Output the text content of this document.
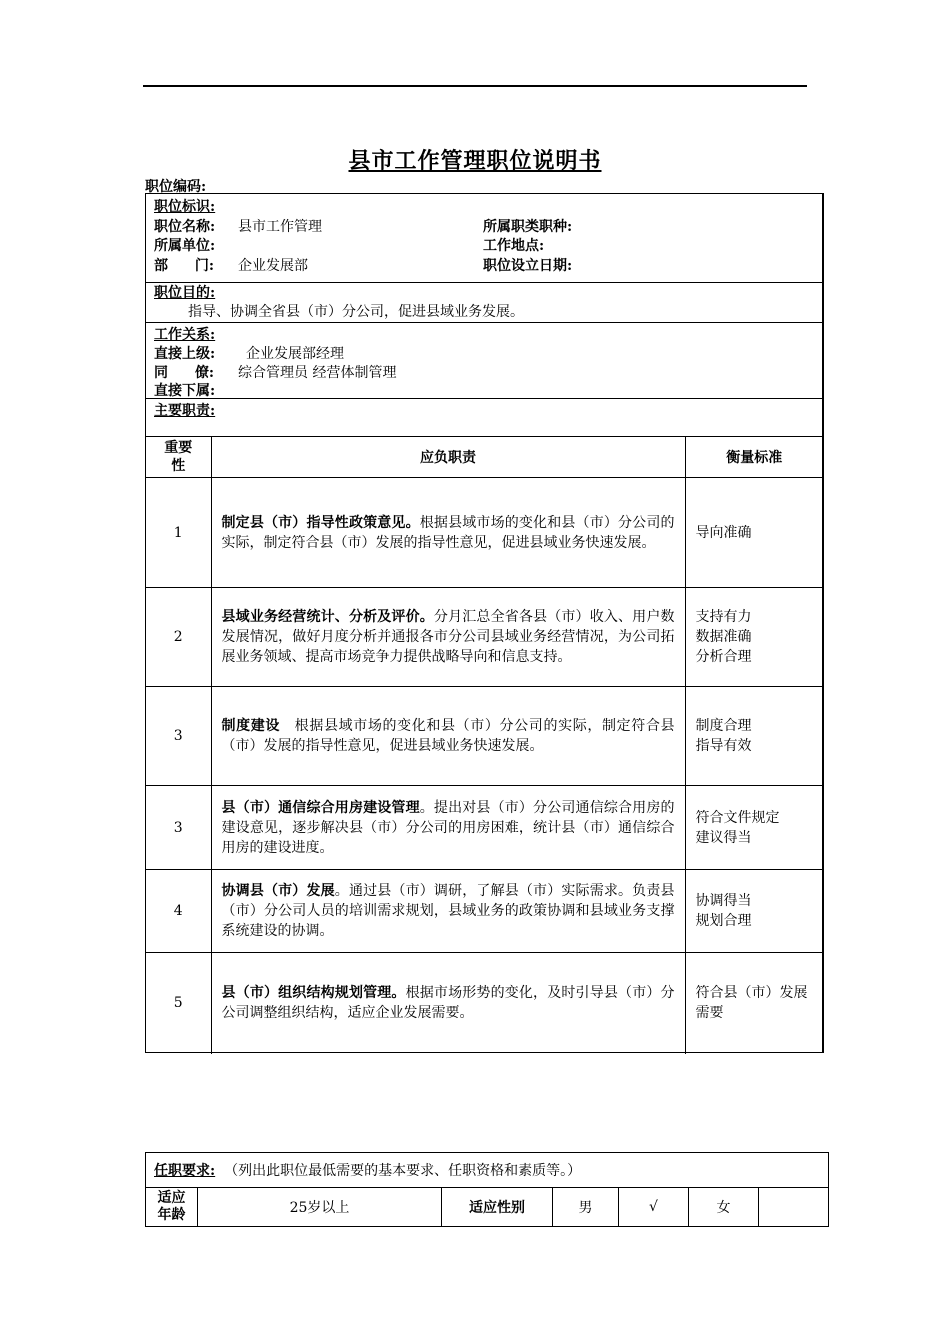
县市工作管理职位说明书
职位编码:
职位标识:
职位名称: 县市工作管理	所属职类职种:
所属单位:	工作地点:
部 门: 企业发展部	职位设立日期:
职位目的:
指导、协调全省县（市）分公司，促进县域业务发展。
工作关系:
直接上级: 企业发展部经理
同 僚: 综合管理员 经营体制管理
直接下属:
主要职责:
重要性	应负职责	衡量标准
1	制定县（市）指导性政策意见。根据县域市场的变化和县（市）分公司的实际，制定符合县（市）发展的指导性意见，促进县域业务快速发展。	导向准确
2	县域业务经营统计、分析及评价。分月汇总全省各县（市）收入、用户数发展情况，做好月度分析并通报各市分公司县域业务经营情况，为公司拓展业务领域、提高市场竞争力提供战略导向和信息支持。	支持有力
数据准确
分析合理
3	制度建设　根据县域市场的变化和县（市）分公司的实际，制定符合县（市）发展的指导性意见，促进县域业务快速发展。	制度合理
指导有效
3	县（市）通信综合用房建设管理。提出对县（市）分公司通信综合用房的建设意见，逐步解决县（市）分公司的用房困难，统计县（市）通信综合用房的建设进度。	符合文件规定
建议得当
4	协调县（市）发展。通过县（市）调研，了解县（市）实际需求。负责县（市）分公司人员的培训需求规划，县域业务的政策协调和县域业务支撑系统建设的协调。	协调得当
规划合理
5	县（市）组织结构规划管理。根据市场形势的变化，及时引导县（市）分公司调整组织结构，适应企业发展需要。	符合县（市）发展需要
任职要求: （列出此职位最低需要的基本要求、任职资格和素质等。）

适应年龄	25岁以上	适应性别	男	√	女	
